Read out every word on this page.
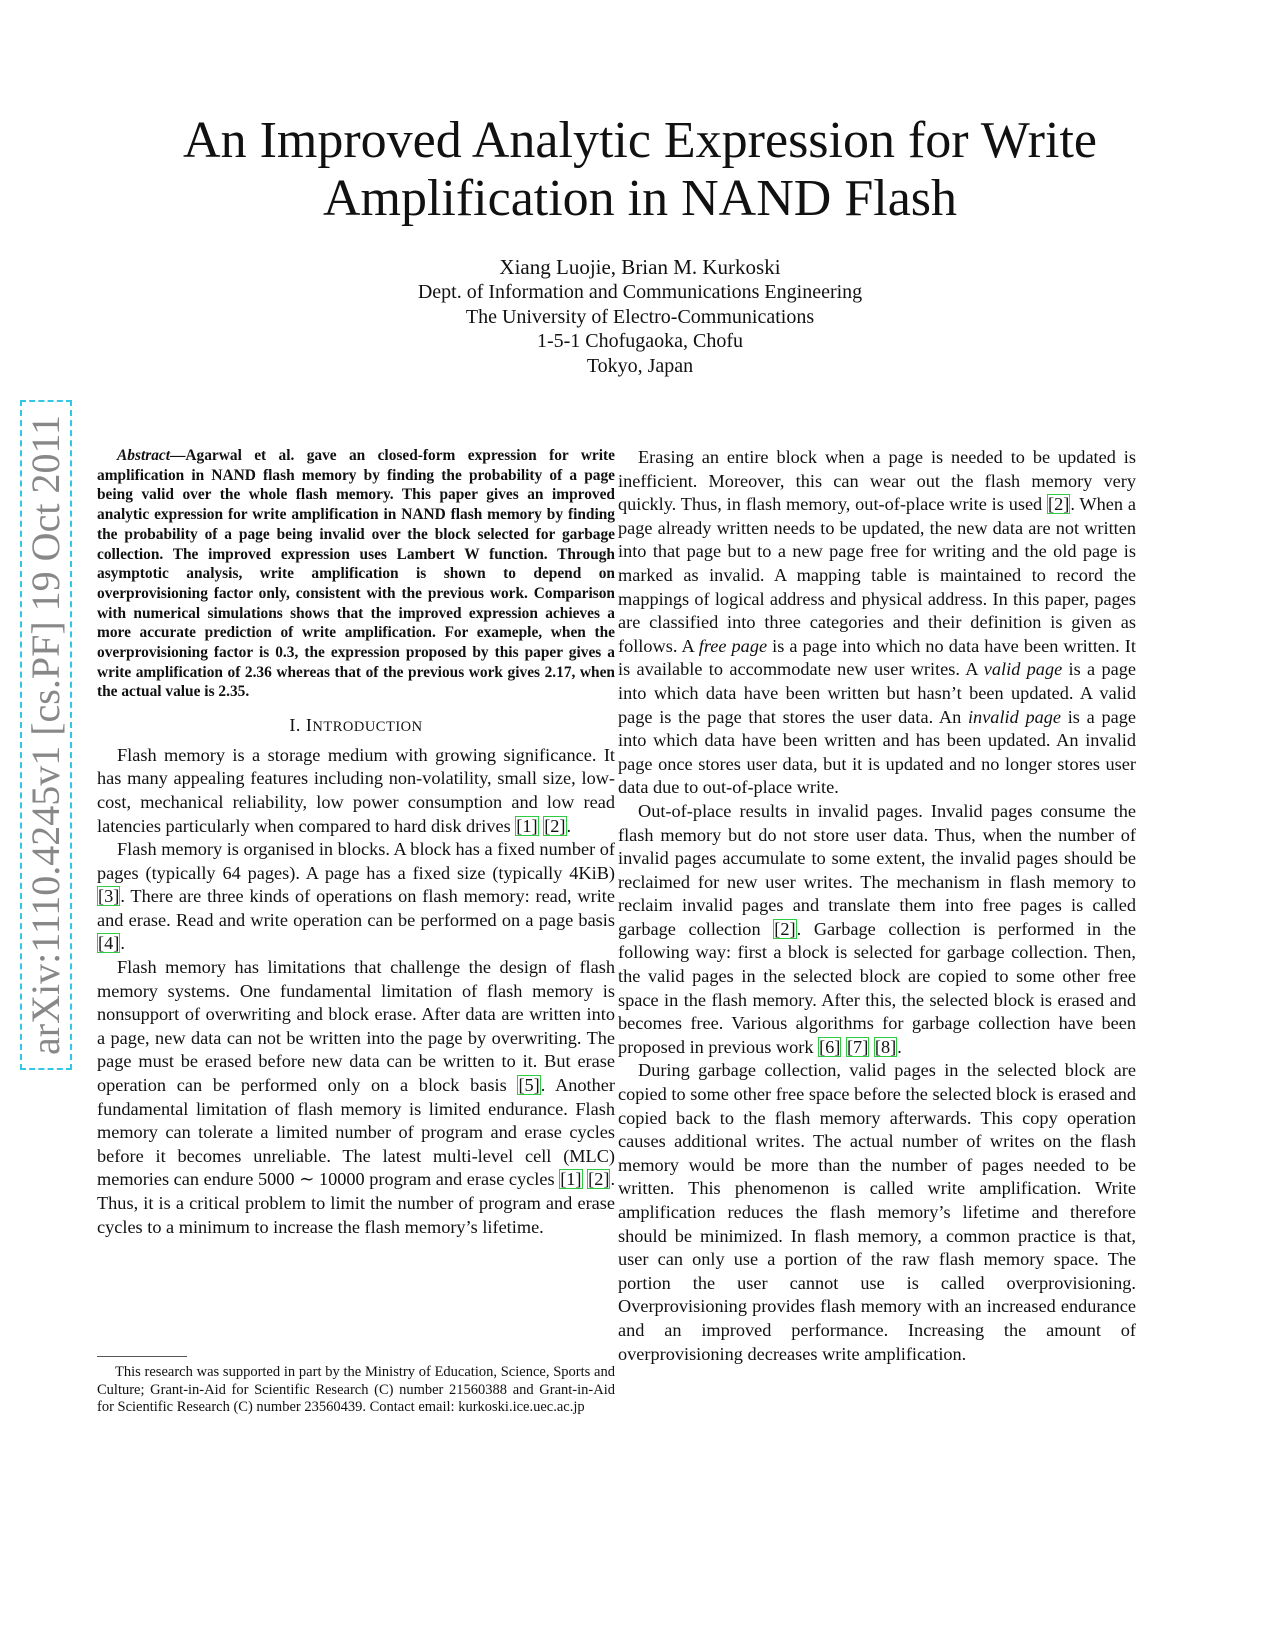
An Improved Analytic Expression for Write
Amplification in NAND Flash
Xiang Luojie, Brian M. Kurkoski
Dept. of Information and Communications Engineering
The University of Electro-Communications
1-5-1 Chofugaoka, Chofu
Tokyo, Japan
arXiv:1110.4245v1 [cs.PF] 19 Oct 2011	Abstract—Agarwal et al. gave an closed-form expression for write amplification in NAND flash memory by finding the probability of a page being valid over the whole flash memory. This paper gives an improved analytic expression for write amplification in NAND flash memory by finding the probability of a page being invalid over the block selected for garbage collection. The improved expression uses Lambert W function. Through asymptotic analysis, write amplification is shown to depend on overprovisioning factor only, consistent with the previous work. Comparison with numerical simulations shows that the improved expression achieves a more accurate prediction of write amplification. For exameple, when the overprovisioning factor is 0.3, the expression proposed by this paper gives a write amplification of 2.36 whereas that of the previous work gives 2.17, when the actual value is 2.35.

I. INTRODUCTION

Flash memory is a storage medium with growing significance. It has many appealing features including non-volatility, small size, low-cost, mechanical reliability, low power consumption and low read latencies particularly when compared to hard disk drives [1] [2].

Flash memory is organised in blocks. A block has a fixed number of pages (typically 64 pages). A page has a fixed size (typically 4KiB) [3]. There are three kinds of operations on flash memory: read, write and erase. Read and write operation can be performed on a page basis [4].

Flash memory has limitations that challenge the design of flash memory systems. One fundamental limitation of flash memory is nonsupport of overwriting and block erase. After data are written into a page, new data can not be written into the page by overwriting. The page must be erased before new data can be written to it. But erase operation can be performed only on a block basis [5]. Another fundamental limitation of flash memory is limited endurance. Flash memory can tolerate a limited number of program and erase cycles before it becomes unreliable. The latest multi-level cell (MLC) memories can endure 5000 ∼ 10000 program and erase cycles [1] [2]. Thus, it is a critical problem to limit the number of program and erase cycles to a minimum to increase the flash memory’s lifetime.

This research was supported in part by the Ministry of Education, Science, Sports and Culture; Grant-in-Aid for Scientific Research (C) number 21560388 and Grant-in-Aid for Scientific Research (C) number 23560439. Contact email: kurkoski.ice.uec.ac.jp

Erasing an entire block when a page is needed to be updated is inefficient. Moreover, this can wear out the flash memory very quickly. Thus, in flash memory, out-of-place write is used [2]. When a page already written needs to be updated, the new data are not written into that page but to a new page free for writing and the old page is marked as invalid. A mapping table is maintained to record the mappings of logical address and physical address. In this paper, pages are classified into three categories and their definition is given as follows. A free page is a page into which no data have been written. It is available to accommodate new user writes. A valid page is a page into which data have been written but hasn’t been updated. A valid page is the page that stores the user data. An invalid page is a page into which data have been written and has been updated. An invalid page once stores user data, but it is updated and no longer stores user data due to out-of-place write.

Out-of-place results in invalid pages. Invalid pages consume the flash memory but do not store user data. Thus, when the number of invalid pages accumulate to some extent, the invalid pages should be reclaimed for new user writes. The mechanism in flash memory to reclaim invalid pages and translate them into free pages is called garbage collection [2]. Garbage collection is performed in the following way: first a block is selected for garbage collection. Then, the valid pages in the selected block are copied to some other free space in the flash memory. After this, the selected block is erased and becomes free. Various algorithms for garbage collection have been proposed in previous work [6] [7] [8].

During garbage collection, valid pages in the selected block are copied to some other free space before the selected block is erased and copied back to the flash memory afterwards. This copy operation causes additional writes. The actual number of writes on the flash memory would be more than the number of pages needed to be written. This phenomenon is called write amplification. Write amplification reduces the flash memory’s lifetime and therefore should be minimized. In flash memory, a common practice is that, user can only use a portion of the raw flash memory space. The portion the user cannot use is called overprovisioning. Overprovisioning provides flash memory with an increased endurance and an improved performance. Increasing the amount of overprovisioning decreases write amplification.
